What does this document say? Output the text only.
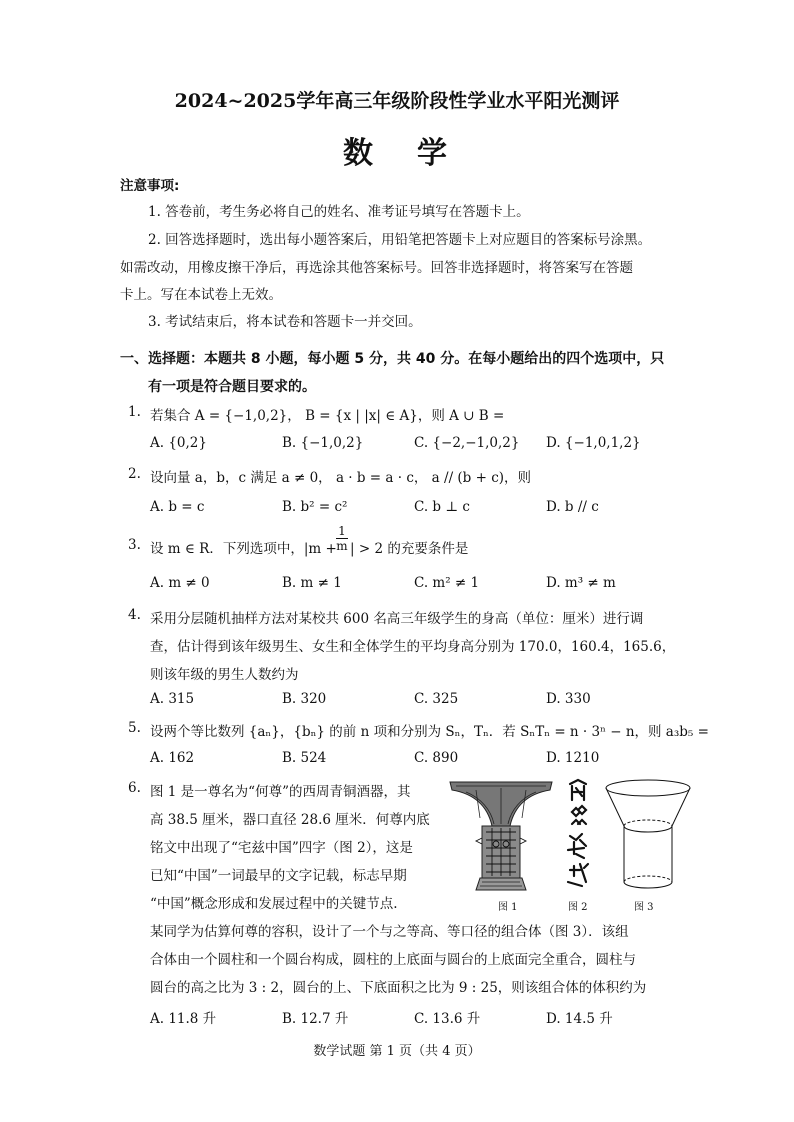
2024~2025学年高三年级阶段性学业水平阳光测评
数学
注意事项:
1. 答卷前，考生务必将自己的姓名、准考证号填写在答题卡上。
2. 回答选择题时，选出每小题答案后，用铅笔把答题卡上对应题目的答案标号涂黑。
如需改动，用橡皮擦干净后，再选涂其他答案标号。回答非选择题时，将答案写在答题
卡上。写在本试卷上无效。
3. 考试结束后，将本试卷和答题卡一并交回。
一、选择题：本题共 8 小题，每小题 5 分，共 40 分。在每小题给出的四个选项中，只
有一项是符合题目要求的。
1. 若集合 A = {−1,0,2}， B = {x | |x| ∈ A}，则 A ∪ B =
A. {0,2}	B. {−1,0,2}	C. {−2,−1,0,2} D. {−1,0,1,2}
2. 设向量 a，b，c 满足 a ≠ 0， a · b = a · c， a // (b + c)，则
A. b = c	B. b² = c²	C. b ⊥ c	D. b // c
3. 设 m ∈ R．下列选项中，$|m + \frac{1}{m}$ | > 2 的充要条件是
A. m ≠ 0	B. m ≠ 1	C. m² ≠ 1	D. m³ ≠ m
4. 采用分层随机抽样方法对某校共 600 名高三年级学生的身高（单位：厘米）进行调
查，估计得到该年级男生、女生和全体学生的平均身高分别为 170.0，160.4，165.6，
则该年级的男生人数约为
A. 315	B. 320	C. 325	D. 330
5. 设两个等比数列 {aₙ}，{bₙ} 的前 n 项和分别为 Sₙ，Tₙ．若 SₙTₙ = n · 3ⁿ − n，则 a₃b₅ =
A. 162	B. 524	C. 890	D. 1210
6. 图 1 是一尊名为“何尊”的西周青铜酒器，其
高 38.5 厘米，器口直径 28.6 厘米．何尊内底
铭文中出现了“宅兹中国”四字（图 2），这是
已知“中国”一词最早的文字记载，标志早期
“中国”概念形成和发展过程中的关键节点.
某同学为估算何尊的容积，设计了一个与之等高、等口径的组合体（图 3）．该组
合体由一个圆柱和一个圆台构成，圆柱的上底面与圆台的上底面完全重合，圆柱与
圆台的高之比为 3 : 2，圆台的上、下底面积之比为 9 : 25，则该组合体的体积约为
A. 11.8 升	B. 12.7 升	C. 13.6 升	D. 14.5 升
图 1	图 2	图 3
数学试题 第 1 页（共 4 页）
